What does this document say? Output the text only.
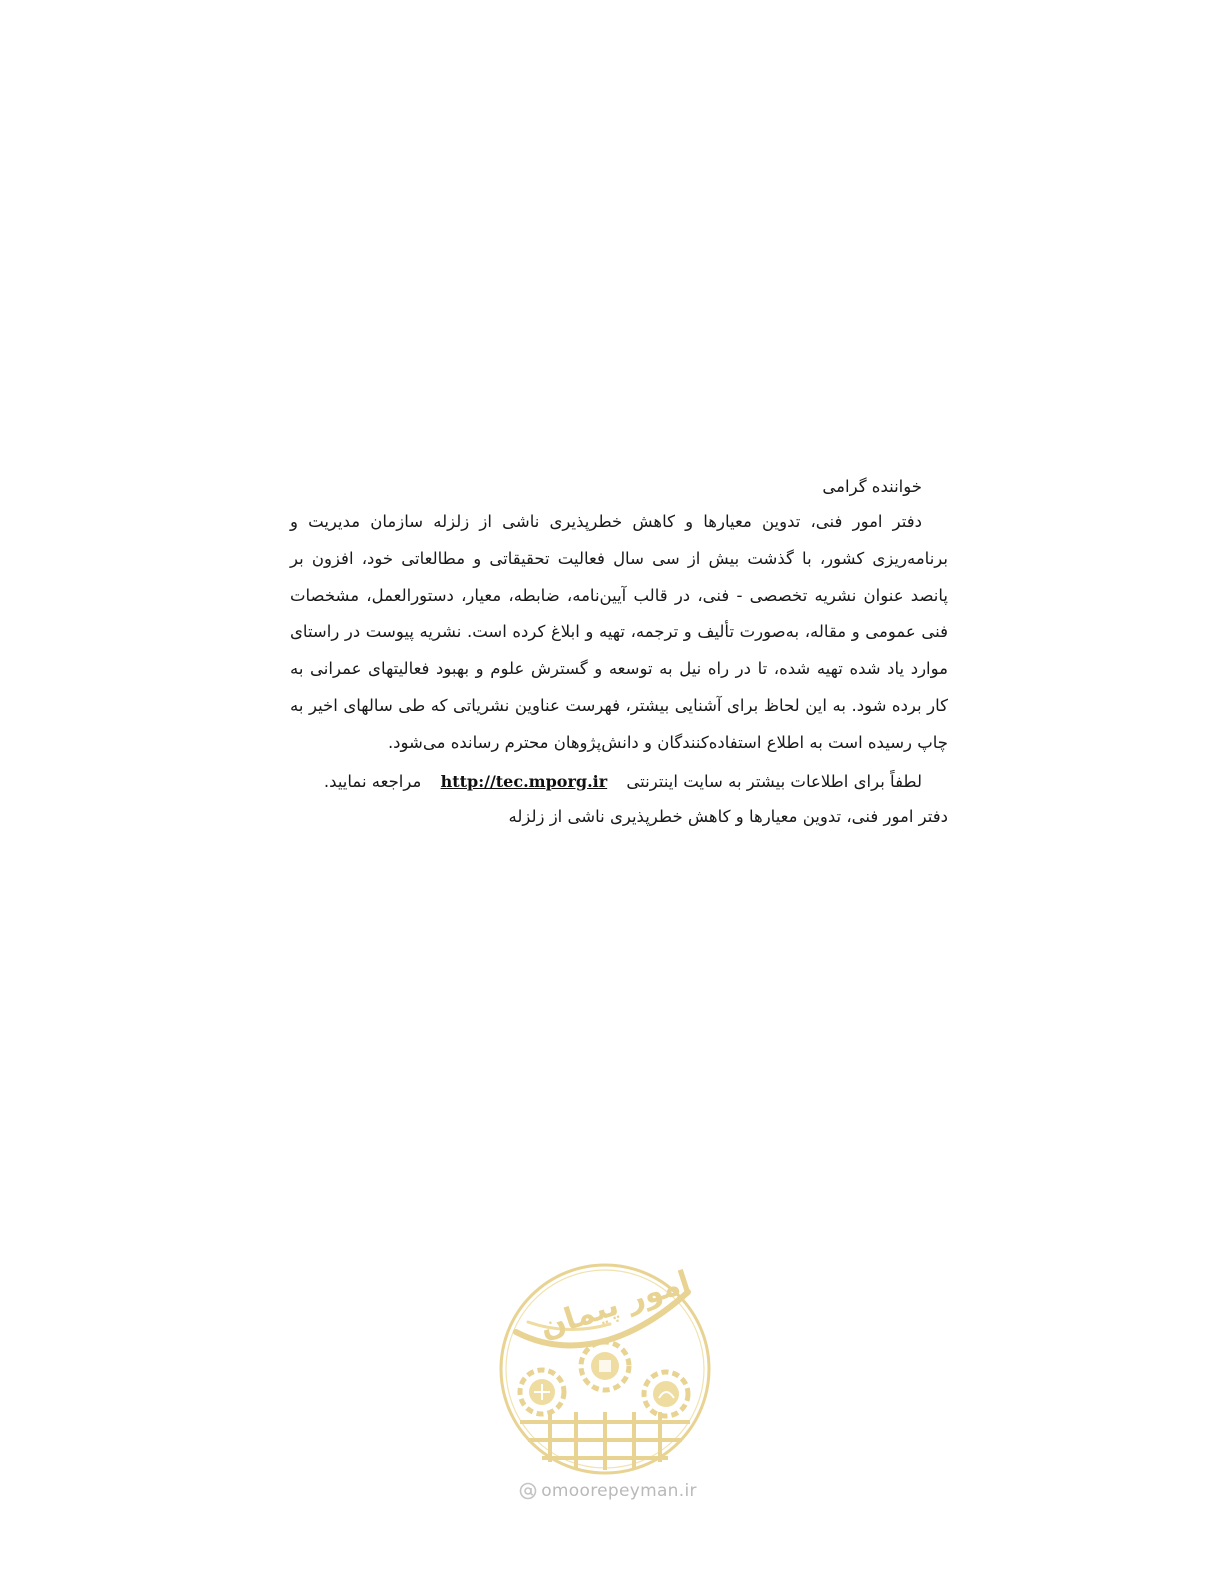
خواننده گرامی

دفتر امور فنی، تدوین معیارها و کاهش خطرپذیری ناشی از زلزله سازمان مدیریت و برنامه‌ریزی کشور، با گذشت بیش از سی سال فعالیت تحقیقاتی و مطالعاتی خود، افزون بر پانصد عنوان نشریه تخصصی - فنی، در قالب آیین‌نامه، ضابطه، معیار، دستورالعمل، مشخصات فنی عمومی و مقاله، به‌صورت تألیف و ترجمه، تهیه و ابلاغ کرده است. نشریه پیوست در راستای موارد یاد شده تهیه شده، تا در راه نیل به توسعه و گسترش علوم و بهبود فعالیتهای عمرانی به کار برده شود. به این لحاظ برای آشنایی بیشتر، فهرست عناوین نشریاتی که طی سالهای اخیر به چاپ رسیده است به اطلاع استفاده‌کنندگان و دانش‌پژوهان محترم رسانده می‌شود.

لطفاً برای اطلاعات بیشتر به سایت اینترنتی http://tec.mporg.ir مراجعه نمایید.
دفتر امور فنی، تدوین معیارها و کاهش خطرپذیری ناشی از زلزله
امور پیمان
omoorepeyman.ir
